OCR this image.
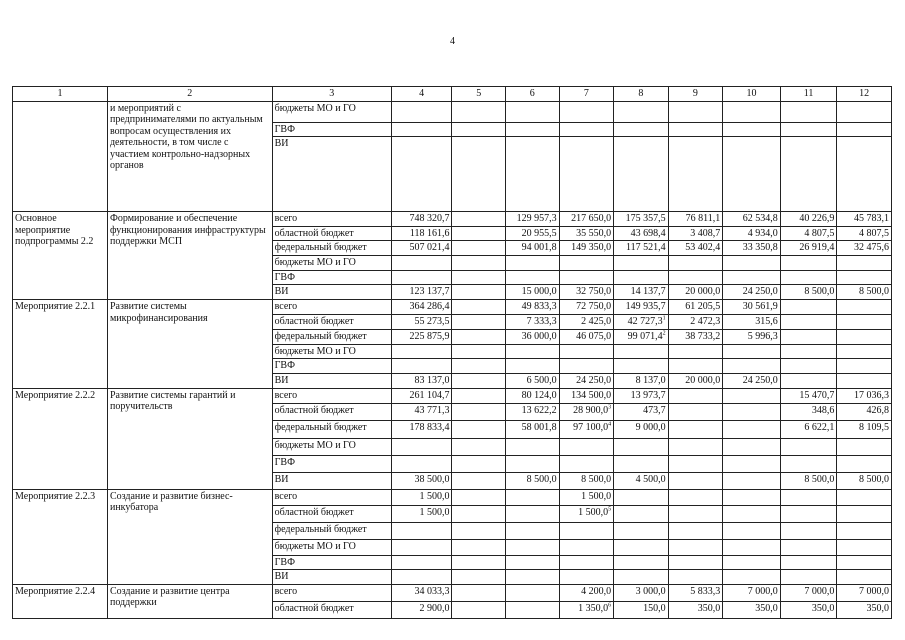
4
1	2	3	4	5	6	7	8	9	10	11	12
	и мероприятий с предпринимателями по актуальным вопросам осуществления их деятельности, в том числе с участием контрольно-надзорных органов	бюджеты МО и ГО									
		ГВФ									
		ВИ									
Основное мероприятие подпрограммы 2.2	Формирование и обеспечение функционирования инфраструктуры поддержки МСП	всего	748 320,7		129 957,3	217 650,0	175 357,5	76 811,1	62 534,8	40 226,9	45 783,1
		областной бюджет	118 161,6		20 955,5	35 550,0	43 698,4	3 408,7	4 934,0	4 807,5	4 807,5
		федеральный бюджет	507 021,4		94 001,8	149 350,0	117 521,4	53 402,4	33 350,8	26 919,4	32 475,6
		бюджеты МО и ГО									
		ГВФ									
		ВИ	123 137,7		15 000,0	32 750,0	14 137,7	20 000,0	24 250,0	8 500,0	8 500,0
Мероприятие 2.2.1	Развитие системы микрофинансирования	всего	364 286,4		49 833,3	72 750,0	149 935,7	61 205,5	30 561,9		
		областной бюджет	55 273,5		7 333,3	2 425,0	42 727,3$^1$	2 472,3	315,6		
		федеральный бюджет	225 875,9		36 000,0	46 075,0	99 071,4$^2$	38 733,2	5 996,3		
		бюджеты МО и ГО									
		ГВФ									
		ВИ	83 137,0		6 500,0	24 250,0	8 137,0	20 000,0	24 250,0		
Мероприятие 2.2.2	Развитие системы гарантий и поручительств	всего	261 104,7		80 124,0	134 500,0	13 973,7			15 470,7	17 036,3
		областной бюджет	43 771,3		13 622,2	28 900,0$^3$	473,7			348,6	426,8
		федеральный бюджет	178 833,4		58 001,8	97 100,0$^4$	9 000,0			6 622,1	8 109,5
		бюджеты МО и ГО									
		ГВФ									
		ВИ	38 500,0		8 500,0	8 500,0	4 500,0			8 500,0	8 500,0
Мероприятие 2.2.3	Создание и развитие бизнес-инкубатора	всего	1 500,0			1 500,0					
		областной бюджет	1 500,0			1 500,0$^5$					
		федеральный бюджет									
		бюджеты МО и ГО									
		ГВФ									
		ВИ									
Мероприятие 2.2.4	Создание и развитие центра поддержки	всего	34 033,3			4 200,0	3 000,0	5 833,3	7 000,0	7 000,0	7 000,0
		областной бюджет	2 900,0			1 350,0$^6$	150,0	350,0	350,0	350,0	350,0
